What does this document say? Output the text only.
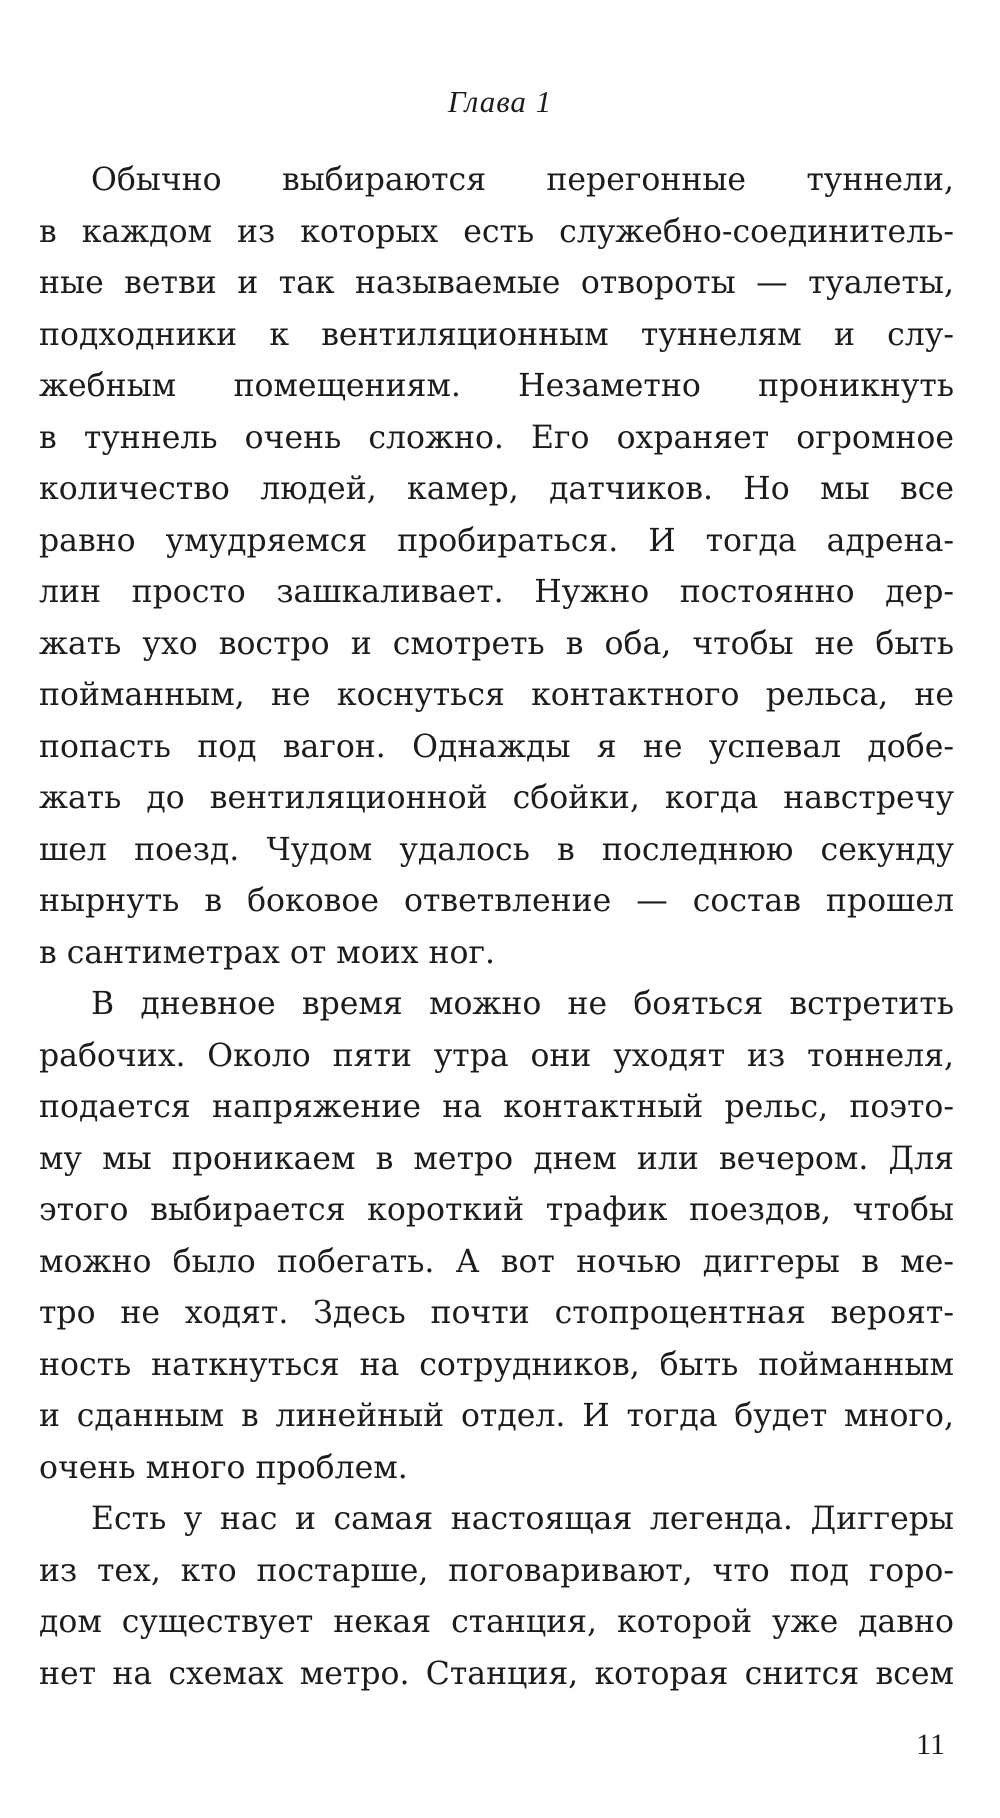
Глава 1

Обычно выбираются перегонные туннели,
в каждом из которых есть служебно-соединитель-
ные ветви и так называемые отвороты — туалеты,
подходники к вентиляционным туннелям и слу-
жебным помещениям. Незаметно проникнуть
в туннель очень сложно. Его охраняет огромное
количество людей, камер, датчиков. Но мы все
равно умудряемся пробираться. И тогда адрена-
лин просто зашкаливает. Нужно постоянно дер-
жать ухо востро и смотреть в оба, чтобы не быть
пойманным, не коснуться контактного рельса, не
попасть под вагон. Однажды я не успевал добе-
жать до вентиляционной сбойки, когда навстречу
шел поезд. Чудом удалось в последнюю секунду
нырнуть в боковое ответвление — состав прошел
в сантиметрах от моих ног.

В дневное время можно не бояться встретить
рабочих. Около пяти утра они уходят из тоннеля,
подается напряжение на контактный рельс, поэто-
му мы проникаем в метро днем или вечером. Для
этого выбирается короткий трафик поездов, чтобы
можно было побегать. А вот ночью диггеры в ме-
тро не ходят. Здесь почти стопроцентная вероят-
ность наткнуться на сотрудников, быть пойманным
и сданным в линейный отдел. И тогда будет много,
очень много проблем.

Есть у нас и самая настоящая легенда. Диггеры
из тех, кто постарше, поговаривают, что под горо-
дом существует некая станция, которой уже давно
нет на схемах метро. Станция, которая снится всем

11
